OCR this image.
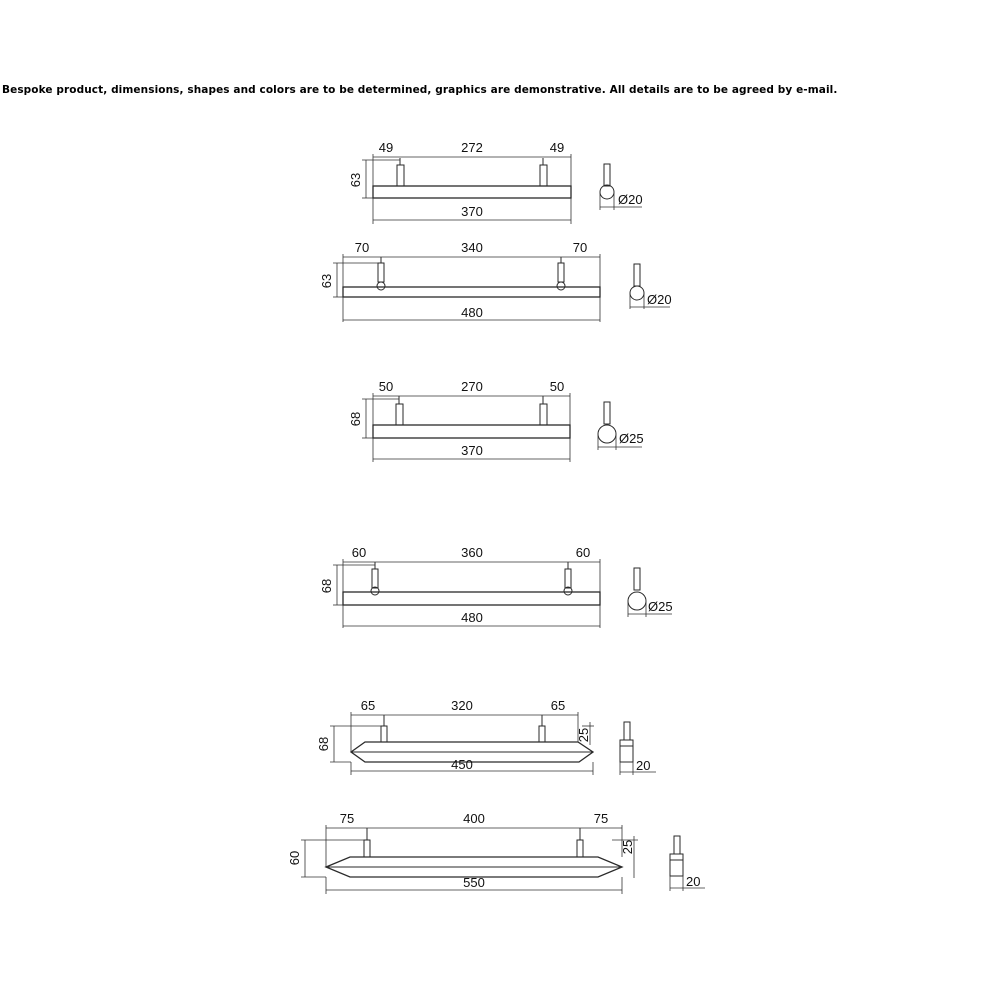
Bespoke product, dimensions, shapes and colors are to be determined, graphics are demonstrative. All details are to be agreed by e-mail.
49	272	49
63
370
Ø20
70	340	70
63
480
Ø20
50	270	50
68
370
Ø25
60	360	60
68
480
Ø25
65	320	65
68
25
450	20
75	400	75
60
25
550	20
